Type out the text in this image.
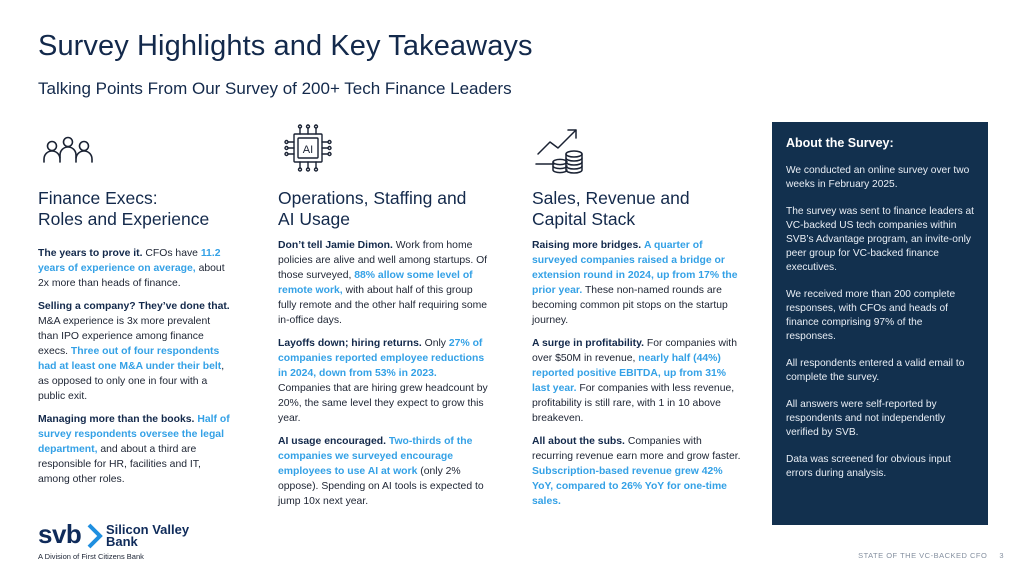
Survey Highlights and Key Takeaways
Talking Points From Our Survey of 200+ Tech Finance Leaders
Finance Execs:
Roles and Experience

The years to prove it. CFOs have 11.2 years of experience on average, about 2x more than heads of finance.

Selling a company? They’ve done that. M&A experience is 3x more prevalent than IPO experience among finance execs. Three out of four respondents had at least one M&A under their belt, as opposed to only one in four with a public exit.

Managing more than the books. Half of survey respondents oversee the legal department, and about a third are responsible for HR, facilities and IT, among other roles.

AI
Operations, Staffing and
AI Usage

Don’t tell Jamie Dimon. Work from home policies are alive and well among startups. Of those surveyed, 88% allow some level of remote work, with about half of this group fully remote and the other half requiring some in-office days.

Layoffs down; hiring returns. Only 27% of companies reported employee reductions in 2024, down from 53% in 2023. Companies that are hiring grew headcount by 20%, the same level they expect to grow this year.

AI usage encouraged. Two-thirds of the companies we surveyed encourage employees to use AI at work (only 2% oppose). Spending on AI tools is expected to jump 10x next year.

Sales, Revenue and
Capital Stack

Raising more bridges. A quarter of surveyed companies raised a bridge or extension round in 2024, up from 17% the prior year. These non-named rounds are becoming common pit stops on the startup journey.

A surge in profitability. For companies with over $50M in revenue, nearly half (44%) reported positive EBITDA, up from 31% last year. For companies with less revenue, profitability is still rare, with 1 in 10 above breakeven.

All about the subs. Companies with recurring revenue earn more and grow faster. Subscription-based revenue grew 42% YoY, compared to 26% YoY for one-time sales.

About the Survey:
We conducted an online survey over two weeks in February 2025.
The survey was sent to finance leaders at VC-backed US tech companies within SVB’s Advantage program, an invite-only peer group for VC-backed finance executives.
We received more than 200 complete responses, with CFOs and heads of finance comprising 97% of the responses.
All respondents entered a valid email to complete the survey.
All answers were self-reported by respondents and not independently verified by SVB.
Data was screened for obvious input errors during analysis.
svb Silicon Valley
Bank
A Division of First Citizens Bank	STATE OF THE VC-BACKED CFO 3
